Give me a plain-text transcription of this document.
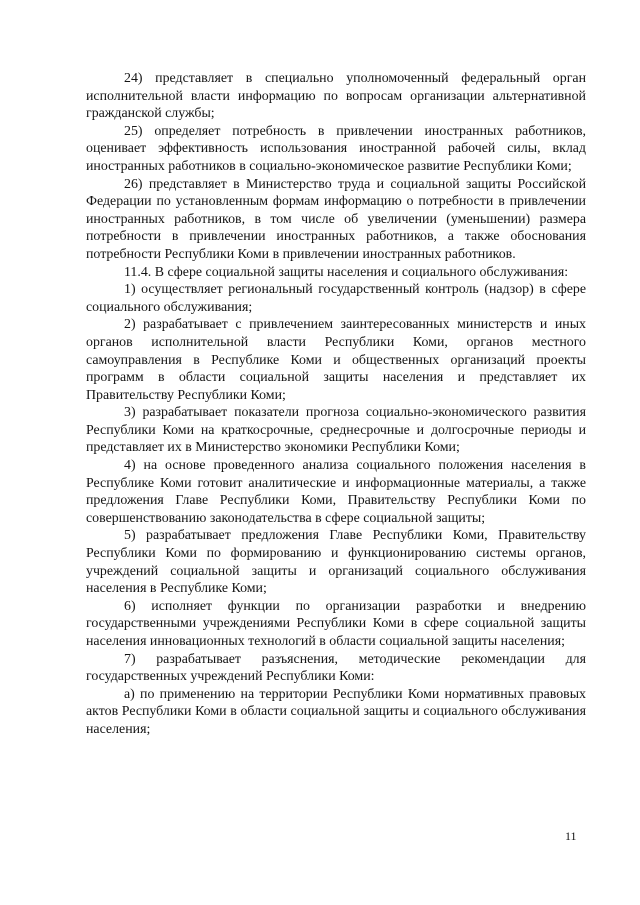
24) представляет в специально уполномоченный федеральный орган исполнительной власти информацию по вопросам организации альтернативной гражданской службы;

25) определяет потребность в привлечении иностранных работников, оценивает эффективность использования иностранной рабочей силы, вклад иностранных работников в социально-экономическое развитие Республики Коми;

26) представляет в Министерство труда и социальной защиты Российской Федерации по установленным формам информацию о потребности в привлечении иностранных работников, в том числе об увеличении (уменьшении) размера потребности в привлечении иностранных работников, а также обоснования потребности Республики Коми в привлечении иностранных работников.

11.4. В сфере социальной защиты населения и социального обслуживания:

1) осуществляет региональный государственный контроль (надзор) в сфере социального обслуживания;

2) разрабатывает с привлечением заинтересованных министерств и иных органов исполнительной власти Республики Коми, органов местного самоуправления в Республике Коми и общественных организаций проекты программ в области социальной защиты населения и представляет их Правительству Республики Коми;

3) разрабатывает показатели прогноза социально-экономического развития Республики Коми на краткосрочные, среднесрочные и долгосрочные периоды и представляет их в Министерство экономики Республики Коми;

4) на основе проведенного анализа социального положения населения в Республике Коми готовит аналитические и информационные материалы, а также предложения Главе Республики Коми, Правительству Республики Коми по совершенствованию законодательства в сфере социальной защиты;

5) разрабатывает предложения Главе Республики Коми, Правительству Республики Коми по формированию и функционированию системы органов, учреждений социальной защиты и организаций социального обслуживания населения в Республике Коми;

6) исполняет функции по организации разработки и внедрению государственными учреждениями Республики Коми в сфере социальной защиты населения инновационных технологий в области социальной защиты населения;

7) разрабатывает разъяснения, методические рекомендации для государственных учреждений Республики Коми:

а) по применению на территории Республики Коми нормативных правовых актов Республики Коми в области социальной защиты и социального обслуживания населения;

11
